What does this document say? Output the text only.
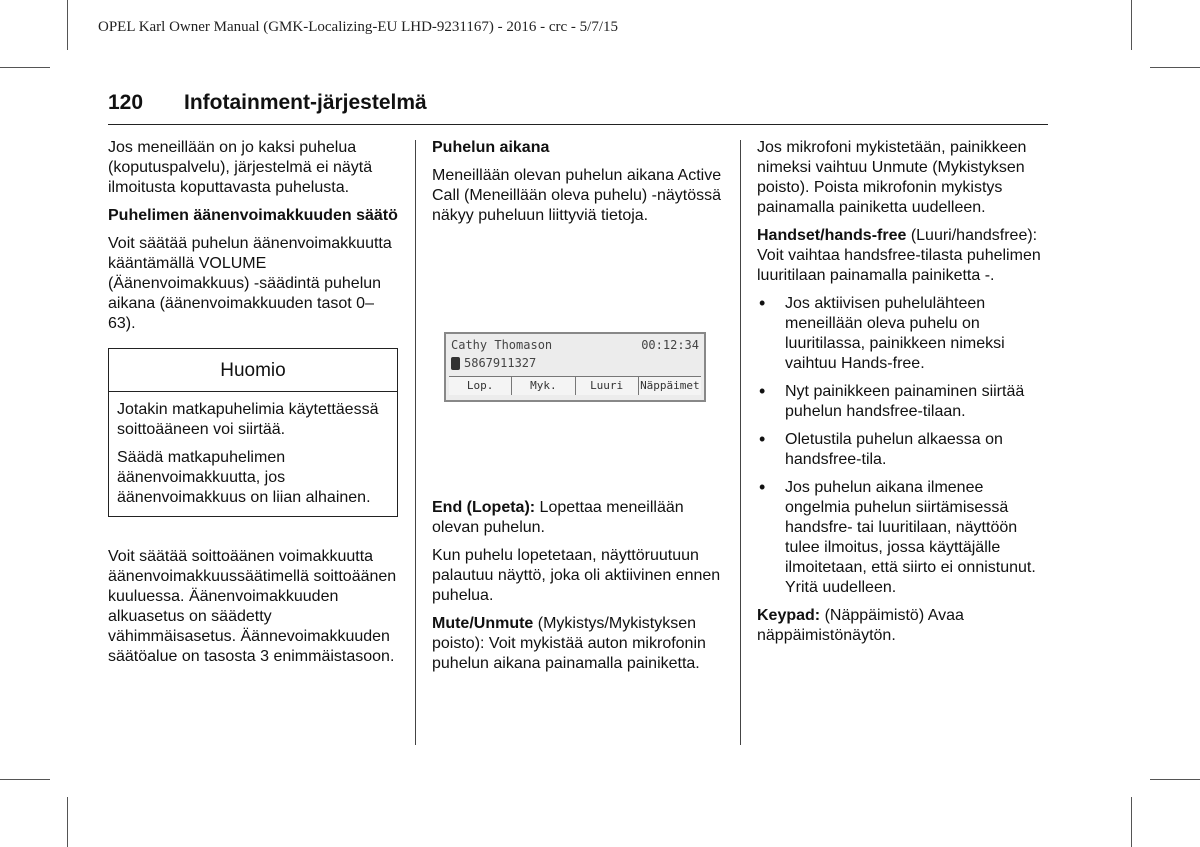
OPEL Karl Owner Manual (GMK-Localizing-EU LHD-9231167) - 2016 - crc - 5/7/15
120 Infotainment-järjestelmä

Jos meneillään on jo kaksi puhelua (koputuspalvelu), järjestelmä ei näytä ilmoitusta koputtavasta puhelusta.

Puhelimen äänenvoimakkuuden säätö

Voit säätää puhelun äänenvoimakkuutta kääntämällä VOLUME (Äänenvoimakkuus) -säädintä puhelun aikana (äänenvoimakkuuden tasot 0–63).

Huomio

Jotakin matkapuhelimia käytettäessä soittoääneen voi siirtää.

Säädä matkapuhelimen äänenvoimakkuutta, jos äänenvoimakkuus on liian alhainen.

Voit säätää soittoäänen voimakkuutta äänenvoimakkuussäätimellä soittoäänen kuuluessa. Äänenvoimakkuuden alkuasetus on säädetty vähimmäisasetus. Äännevoimakkuuden säätöalue on tasosta 3 enimmäistasoon.

Puhelun aikana

Meneillään olevan puhelun aikana Active Call (Meneillään oleva puhelu) -näytössä näkyy puheluun liittyviä tietoja.

Cathy Thomason	00:12:34
5867911327
Lop.	Myk.	Luuri	Näppäimet

End (Lopeta): Lopettaa meneillään olevan puhelun.

Kun puhelu lopetetaan, näyttöruutuun palautuu näyttö, joka oli aktiivinen ennen puhelua.

Mute/Unmute (Mykistys/Mykistyksen poisto): Voit mykistää auton mikrofonin puhelun aikana painamalla painiketta.

Jos mikrofoni mykistetään, painikkeen nimeksi vaihtuu Unmute (Mykistyksen poisto). Poista mikrofonin mykistys painamalla painiketta uudelleen.

Handset/hands-free (Luuri/handsfree): Voit vaihtaa handsfree-tilasta puhelimen luuritilaan painamalla painiketta -.

• Jos aktiivisen puhelulähteen meneillään oleva puhelu on luuritilassa, painikkeen nimeksi vaihtuu Hands-free.
• Nyt painikkeen painaminen siirtää puhelun handsfree-tilaan.
• Oletustila puhelun alkaessa on handsfree-tila.
• Jos puhelun aikana ilmenee ongelmia puhelun siirtämisessä handsfre- tai luuritilaan, näyttöön tulee ilmoitus, jossa käyttäjälle ilmoitetaan, että siirto ei onnistunut. Yritä uudelleen.

Keypad: (Näppäimistö) Avaa näppäimistönäytön.
